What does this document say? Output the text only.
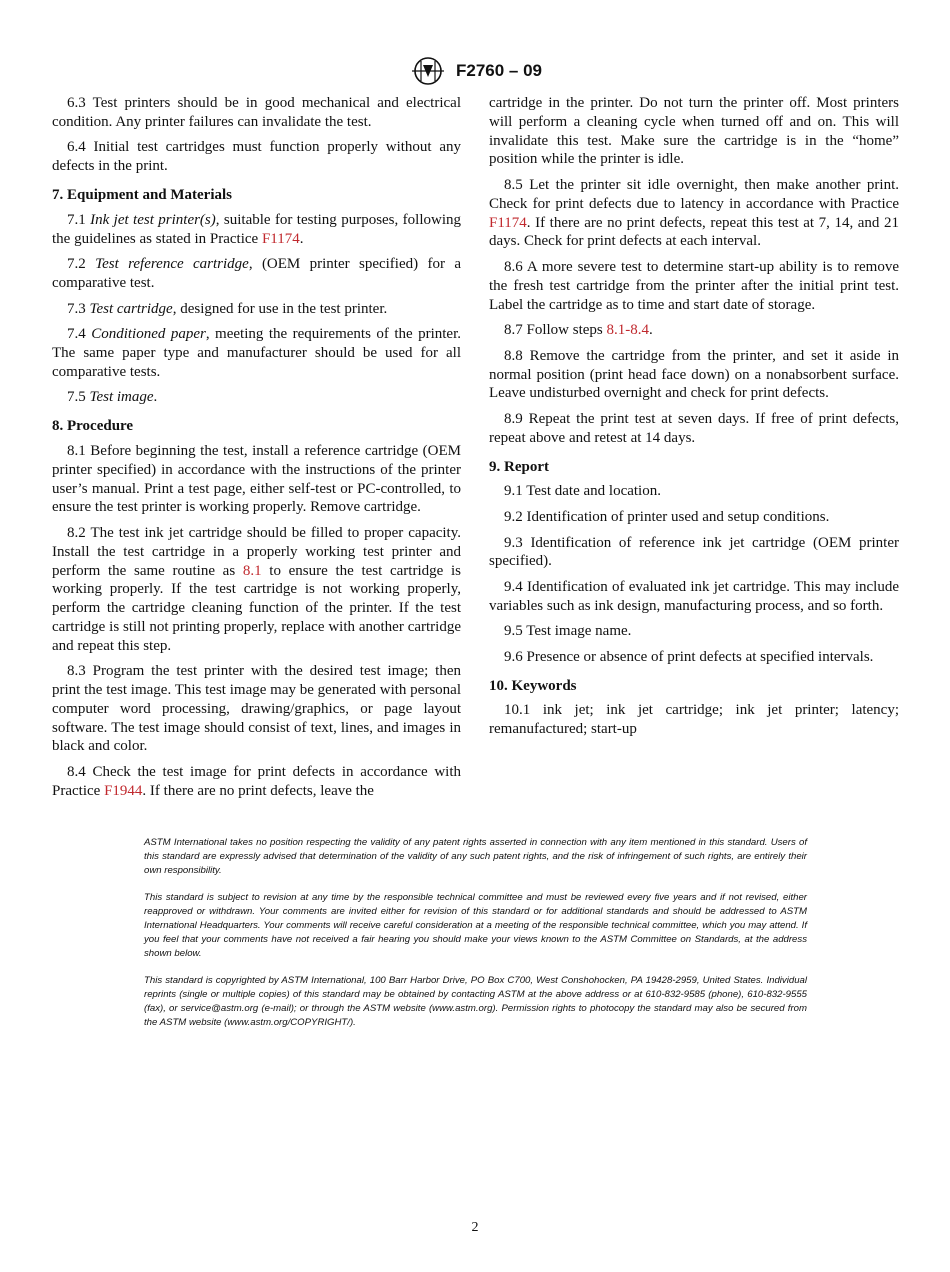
F2760 – 09

6.3 Test printers should be in good mechanical and electrical condition. Any printer failures can invalidate the test.

6.4 Initial test cartridges must function properly without any defects in the print.

7. Equipment and Materials

7.1 Ink jet test printer(s), suitable for testing purposes, following the guidelines as stated in Practice F1174.

7.2 Test reference cartridge, (OEM printer specified) for a comparative test.

7.3 Test cartridge, designed for use in the test printer.

7.4 Conditioned paper, meeting the requirements of the printer. The same paper type and manufacturer should be used for all comparative tests.

7.5 Test image.

8. Procedure

8.1 Before beginning the test, install a reference cartridge (OEM printer specified) in accordance with the instructions of the printer user’s manual. Print a test page, either self-test or PC-controlled, to ensure the test printer is working properly. Remove cartridge.

8.2 The test ink jet cartridge should be filled to proper capacity. Install the test cartridge in a properly working test printer and perform the same routine as 8.1 to ensure the test cartridge is working properly. If the test cartridge is not working properly, perform the cartridge cleaning function of the printer. If the test cartridge is still not printing properly, replace with another cartridge and repeat this step.

8.3 Program the test printer with the desired test image; then print the test image. This test image may be generated with personal computer word processing, drawing/graphics, or page layout software. The test image should consist of text, lines, and images in black and color.

8.4 Check the test image for print defects in accordance with Practice F1944. If there are no print defects, leave the

cartridge in the printer. Do not turn the printer off. Most printers will perform a cleaning cycle when turned off and on. This will invalidate this test. Make sure the cartridge is in the “home” position while the printer is idle.

8.5 Let the printer sit idle overnight, then make another print. Check for print defects due to latency in accordance with Practice F1174. If there are no print defects, repeat this test at 7, 14, and 21 days. Check for print defects at each interval.

8.6 A more severe test to determine start-up ability is to remove the fresh test cartridge from the printer after the initial print test. Label the cartridge as to time and start date of storage.

8.7 Follow steps 8.1-8.4.

8.8 Remove the cartridge from the printer, and set it aside in normal position (print head face down) on a nonabsorbent surface. Leave undisturbed overnight and check for print defects.

8.9 Repeat the print test at seven days. If free of print defects, repeat above and retest at 14 days.

9. Report

9.1 Test date and location.

9.2 Identification of printer used and setup conditions.

9.3 Identification of reference ink jet cartridge (OEM printer specified).

9.4 Identification of evaluated ink jet cartridge. This may include variables such as ink design, manufacturing process, and so forth.

9.5 Test image name.

9.6 Presence or absence of print defects at specified intervals.

10. Keywords

10.1 ink jet; ink jet cartridge; ink jet printer; latency; remanufactured; start-up

ASTM International takes no position respecting the validity of any patent rights asserted in connection with any item mentioned in this standard. Users of this standard are expressly advised that determination of the validity of any such patent rights, and the risk of infringement of such rights, are entirely their own responsibility.

This standard is subject to revision at any time by the responsible technical committee and must be reviewed every five years and if not revised, either reapproved or withdrawn. Your comments are invited either for revision of this standard or for additional standards and should be addressed to ASTM International Headquarters. Your comments will receive careful consideration at a meeting of the responsible technical committee, which you may attend. If you feel that your comments have not received a fair hearing you should make your views known to the ASTM Committee on Standards, at the address shown below.

This standard is copyrighted by ASTM International, 100 Barr Harbor Drive, PO Box C700, West Conshohocken, PA 19428-2959, United States. Individual reprints (single or multiple copies) of this standard may be obtained by contacting ASTM at the above address or at 610-832-9585 (phone), 610-832-9555 (fax), or service@astm.org (e-mail); or through the ASTM website (www.astm.org). Permission rights to photocopy the standard may also be secured from the ASTM website (www.astm.org/COPYRIGHT/).

2
